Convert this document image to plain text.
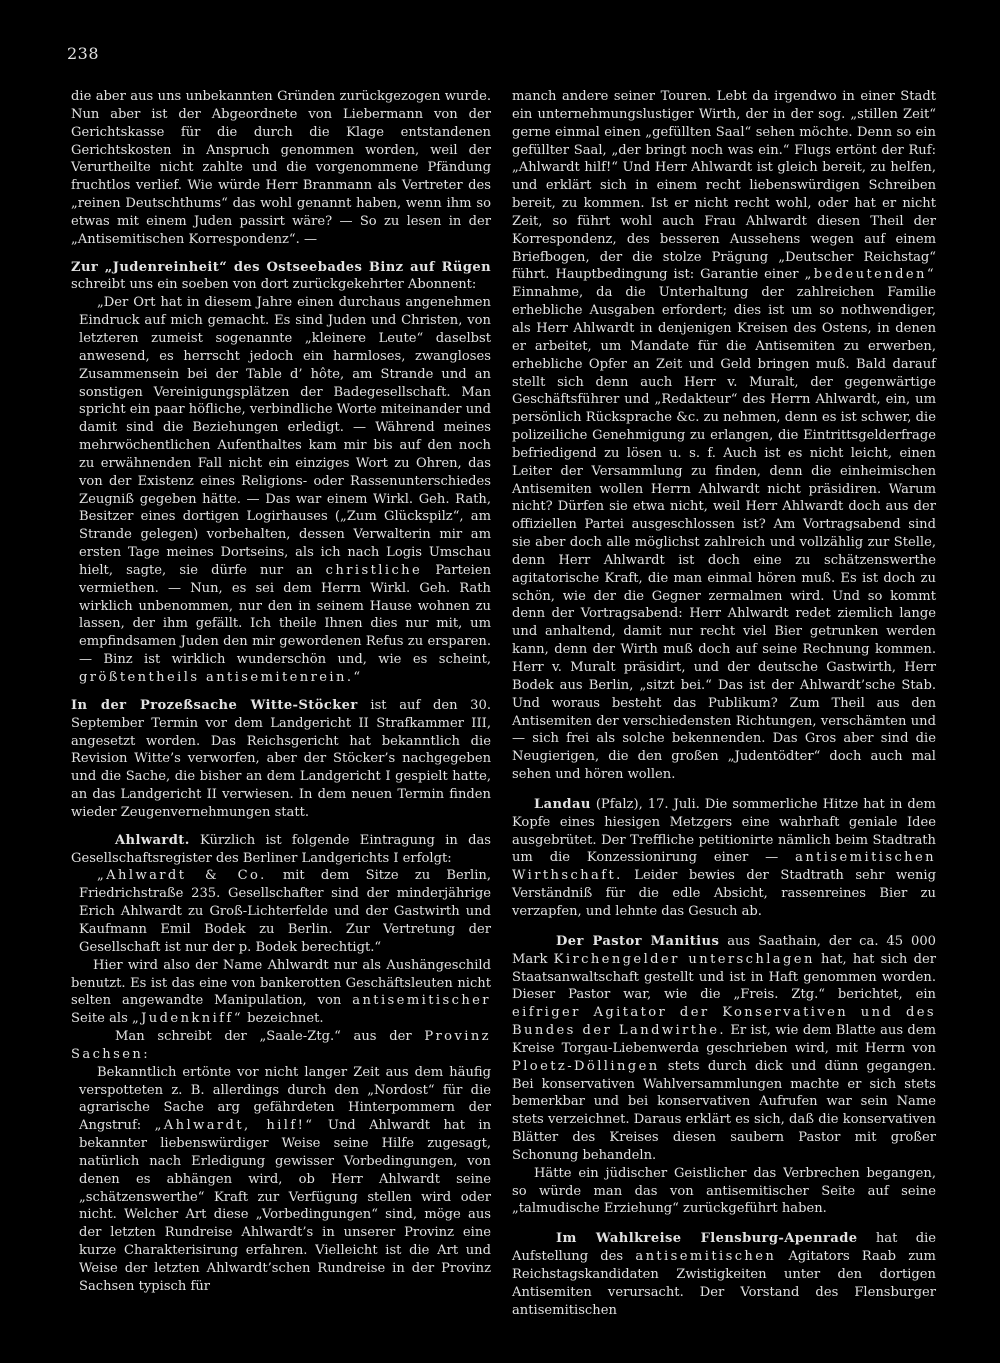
238

die aber aus uns unbekannten Gründen zurückgezogen wurde. Nun aber ist der Abgeordnete von Liebermann von der Gerichtskasse für die durch die Klage entstandenen Gerichtskosten in Anspruch genommen worden, weil der Verurtheilte nicht zahlte und die vorgenommene Pfändung fruchtlos verlief. Wie würde Herr Branmann als Vertreter des „reinen Deutschthums“ das wohl genannt haben, wenn ihm so etwas mit einem Juden passirt wäre? — So zu lesen in der „Antisemitischen Korrespondenz“. —

Zur „Judenreinheit“ des Ostseebades Binz auf Rügen schreibt uns ein soeben von dort zurückgekehrter Abonnent:

„Der Ort hat in diesem Jahre einen durchaus angenehmen Eindruck auf mich gemacht. Es sind Juden und Christen, von letzteren zumeist sogenannte „kleinere Leute“ daselbst anwesend, es herrscht jedoch ein harmloses, zwangloses Zusammensein bei der Table d’ hôte, am Strande und an sonstigen Vereinigungsplätzen der Badegesellschaft. Man spricht ein paar höfliche, verbindliche Worte miteinander und damit sind die Beziehungen erledigt. — Während meines mehrwöchentlichen Aufenthaltes kam mir bis auf den noch zu erwähnenden Fall nicht ein einziges Wort zu Ohren, das von der Existenz eines Religions- oder Rassenunterschiedes Zeugniß gegeben hätte. — Das war einem Wirkl. Geh. Rath, Besitzer eines dortigen Logirhauses („Zum Glückspilz“, am Strande gelegen) vorbehalten, dessen Verwalterin mir am ersten Tage meines Dortseins, als ich nach Logis Umschau hielt, sagte, sie dürfe nur an christliche Parteien vermiethen. — Nun, es sei dem Herrn Wirkl. Geh. Rath wirklich unbenommen, nur den in seinem Hause wohnen zu lassen, der ihm gefällt. Ich theile Ihnen dies nur mit, um empfindsamen Juden den mir gewordenen Refus zu ersparen. — Binz ist wirklich wunderschön und, wie es scheint, größtentheils antisemitenrein.“

In der Prozeßsache Witte-Stöcker ist auf den 30. September Termin vor dem Landgericht II Strafkammer III, angesetzt worden. Das Reichsgericht hat bekanntlich die Revision Witte’s verworfen, aber der Stöcker’s nachgegeben und die Sache, die bisher an dem Landgericht I gespielt hatte, an das Landgericht II verwiesen. In dem neuen Termin finden wieder Zeugenvernehmungen statt.

Ahlwardt. Kürzlich ist folgende Eintragung in das Gesellschaftsregister des Berliner Landgerichts I erfolgt:

„Ahlwardt & Co. mit dem Sitze zu Berlin, Friedrichstraße 235. Gesellschafter sind der minderjährige Erich Ahlwardt zu Groß-Lichterfelde und der Gastwirth und Kaufmann Emil Bodek zu Berlin. Zur Vertretung der Gesellschaft ist nur der p. Bodek berechtigt.“

Hier wird also der Name Ahlwardt nur als Aushängeschild benutzt. Es ist das eine von bankerotten Geschäftsleuten nicht selten angewandte Manipulation, von antisemitischer Seite als „Judenkniff“ bezeichnet.

Man schreibt der „Saale-Ztg.“ aus der Provinz Sachsen:

Bekanntlich ertönte vor nicht langer Zeit aus dem häufig verspotteten z. B. allerdings durch den „Nordost“ für die agrarische Sache arg gefährdeten Hinterpommern der Angstruf: „Ahlwardt, hilf!“ Und Ahlwardt hat in bekannter liebenswürdiger Weise seine Hilfe zugesagt, natürlich nach Erledigung gewisser Vorbedingungen, von denen es abhängen wird, ob Herr Ahlwardt seine „schätzenswerthe“ Kraft zur Verfügung stellen wird oder nicht. Welcher Art diese „Vorbedingungen“ sind, möge aus der letzten Rundreise Ahlwardt’s in unserer Provinz eine kurze Charakterisirung erfahren. Vielleicht ist die Art und Weise der letzten Ahlwardt’schen Rundreise in der Provinz Sachsen typisch für

manch andere seiner Touren. Lebt da irgendwo in einer Stadt ein unternehmungslustiger Wirth, der in der sog. „stillen Zeit“ gerne einmal einen „gefüllten Saal“ sehen möchte. Denn so ein gefüllter Saal, „der bringt noch was ein.“ Flugs ertönt der Ruf: „Ahlwardt hilf!“ Und Herr Ahlwardt ist gleich bereit, zu helfen, und erklärt sich in einem recht liebenswürdigen Schreiben bereit, zu kommen. Ist er nicht recht wohl, oder hat er nicht Zeit, so führt wohl auch Frau Ahlwardt diesen Theil der Korrespondenz, des besseren Aussehens wegen auf einem Briefbogen, der die stolze Prägung „Deutscher Reichstag“ führt. Hauptbedingung ist: Garantie einer „bedeutenden“ Einnahme, da die Unterhaltung der zahlreichen Familie erhebliche Ausgaben erfordert; dies ist um so nothwendiger, als Herr Ahlwardt in denjenigen Kreisen des Ostens, in denen er arbeitet, um Mandate für die Antisemiten zu erwerben, erhebliche Opfer an Zeit und Geld bringen muß. Bald darauf stellt sich denn auch Herr v. Muralt, der gegenwärtige Geschäftsführer und „Redakteur“ des Herrn Ahlwardt, ein, um persönlich Rücksprache &c. zu nehmen, denn es ist schwer, die polizeiliche Genehmigung zu erlangen, die Eintrittsgelderfrage befriedigend zu lösen u. s. f. Auch ist es nicht leicht, einen Leiter der Versammlung zu finden, denn die einheimischen Antisemiten wollen Herrn Ahlwardt nicht präsidiren. Warum nicht? Dürfen sie etwa nicht, weil Herr Ahlwardt doch aus der offiziellen Partei ausgeschlossen ist? Am Vortragsabend sind sie aber doch alle möglichst zahlreich und vollzählig zur Stelle, denn Herr Ahlwardt ist doch eine zu schätzenswerthe agitatorische Kraft, die man einmal hören muß. Es ist doch zu schön, wie der die Gegner zermalmen wird. Und so kommt denn der Vortragsabend: Herr Ahlwardt redet ziemlich lange und anhaltend, damit nur recht viel Bier getrunken werden kann, denn der Wirth muß doch auf seine Rechnung kommen. Herr v. Muralt präsidirt, und der deutsche Gastwirth, Herr Bodek aus Berlin, „sitzt bei.“ Das ist der Ahlwardt’sche Stab. Und woraus besteht das Publikum? Zum Theil aus den Antisemiten der verschiedensten Richtungen, verschämten und — sich frei als solche bekennenden. Das Gros aber sind die Neugierigen, die den großen „Judentödter“ doch auch mal sehen und hören wollen.

Landau (Pfalz), 17. Juli. Die sommerliche Hitze hat in dem Kopfe eines hiesigen Metzgers eine wahrhaft geniale Idee ausgebrütet. Der Treffliche petitionirte nämlich beim Stadtrath um die Konzessionirung einer — antisemitischen Wirthschaft. Leider bewies der Stadtrath sehr wenig Verständniß für die edle Absicht, rassenreines Bier zu verzapfen, und lehnte das Gesuch ab.

Der Pastor Manitius aus Saathain, der ca. 45 000 Mark Kirchengelder unterschlagen hat, hat sich der Staatsanwaltschaft gestellt und ist in Haft genommen worden. Dieser Pastor war, wie die „Freis. Ztg.“ berichtet, ein eifriger Agitator der Konservativen und des Bundes der Landwirthe. Er ist, wie dem Blatte aus dem Kreise Torgau-Liebenwerda geschrieben wird, mit Herrn von Ploetz-Döllingen stets durch dick und dünn gegangen. Bei konservativen Wahlversammlungen machte er sich stets bemerkbar und bei konservativen Aufrufen war sein Name stets verzeichnet. Daraus erklärt es sich, daß die konservativen Blätter des Kreises diesen saubern Pastor mit großer Schonung behandeln.

Hätte ein jüdischer Geistlicher das Verbrechen begangen, so würde man das von antisemitischer Seite auf seine „talmudische Erziehung“ zurückgeführt haben.

Im Wahlkreise Flensburg-Apenrade hat die Aufstellung des antisemitischen Agitators Raab zum Reichstagskandidaten Zwistigkeiten unter den dortigen Antisemiten verursacht. Der Vorstand des Flensburger antisemitischen
